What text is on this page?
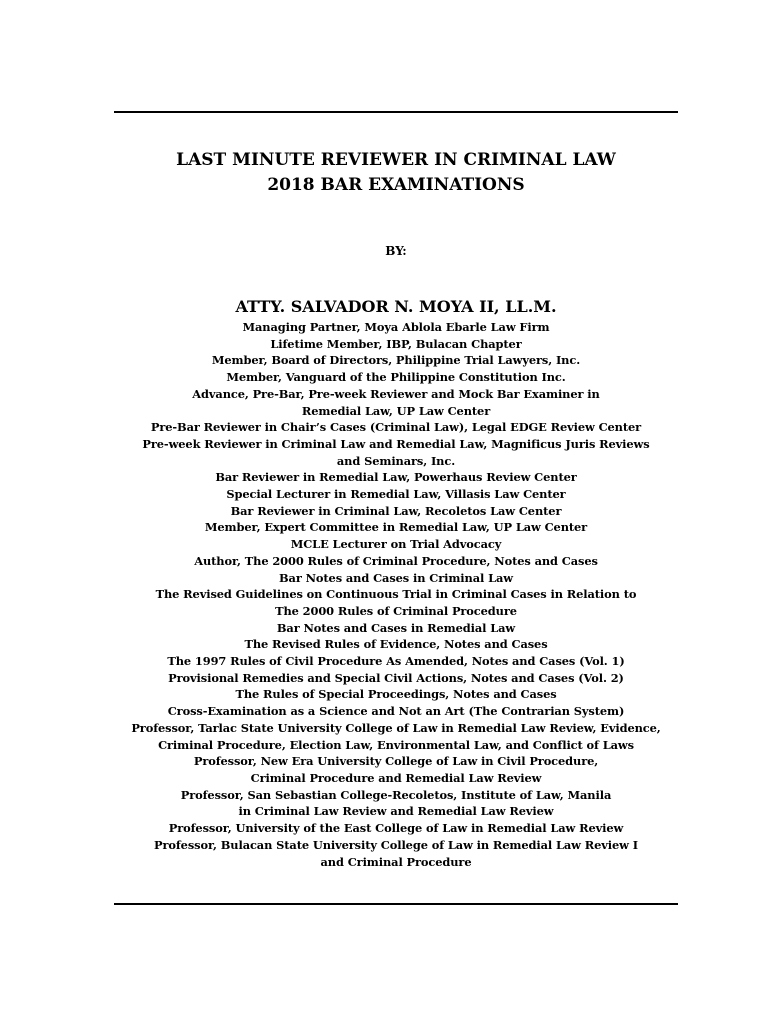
LAST MINUTE REVIEWER IN CRIMINAL LAW
2018 BAR EXAMINATIONS
BY:
ATTY. SALVADOR N. MOYA II, LL.M.
Managing Partner, Moya Ablola Ebarle Law Firm
Lifetime Member, IBP, Bulacan Chapter
Member, Board of Directors, Philippine Trial Lawyers, Inc.
Member, Vanguard of the Philippine Constitution Inc.
Advance, Pre-Bar, Pre-week Reviewer and Mock Bar Examiner in
Remedial Law, UP Law Center
Pre-Bar Reviewer in Chair’s Cases (Criminal Law), Legal EDGE Review Center
Pre-week Reviewer in Criminal Law and Remedial Law, Magnificus Juris Reviews
and Seminars, Inc.
Bar Reviewer in Remedial Law, Powerhaus Review Center
Special Lecturer in Remedial Law, Villasis Law Center
Bar Reviewer in Criminal Law, Recoletos Law Center
Member, Expert Committee in Remedial Law, UP Law Center
MCLE Lecturer on Trial Advocacy
Author, The 2000 Rules of Criminal Procedure, Notes and Cases
Bar Notes and Cases in Criminal Law
The Revised Guidelines on Continuous Trial in Criminal Cases in Relation to
The 2000 Rules of Criminal Procedure
Bar Notes and Cases in Remedial Law
The Revised Rules of Evidence, Notes and Cases
The 1997 Rules of Civil Procedure As Amended, Notes and Cases (Vol. 1)
Provisional Remedies and Special Civil Actions, Notes and Cases (Vol. 2)
The Rules of Special Proceedings, Notes and Cases
Cross-Examination as a Science and Not an Art (The Contrarian System)
Professor, Tarlac State University College of Law in Remedial Law Review, Evidence,
Criminal Procedure, Election Law, Environmental Law, and Conflict of Laws
Professor, New Era University College of Law in Civil Procedure,
Criminal Procedure and Remedial Law Review
Professor, San Sebastian College-Recoletos, Institute of Law, Manila
in Criminal Law Review and Remedial Law Review
Professor, University of the East College of Law in Remedial Law Review
Professor, Bulacan State University College of Law in Remedial Law Review I
and Criminal Procedure
